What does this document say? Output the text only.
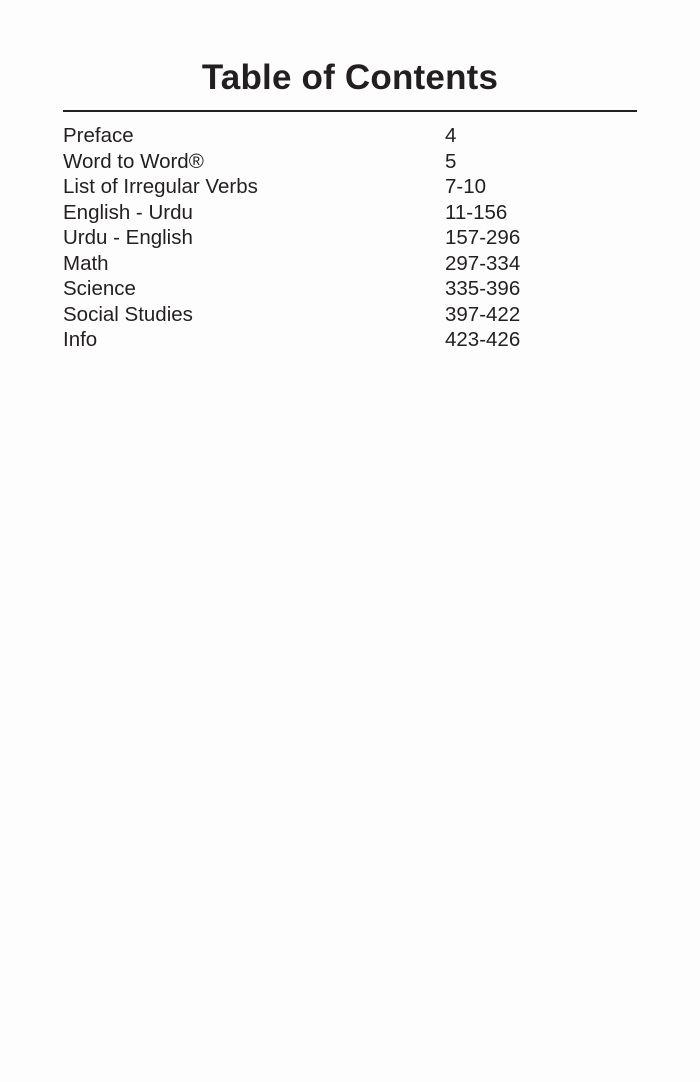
Table of Contents
Preface	4
Word to Word®	5
List of Irregular Verbs	7-10
English - Urdu	11-156
Urdu - English	157-296
Math	297-334
Science	335-396
Social Studies	397-422
Info	423-426
